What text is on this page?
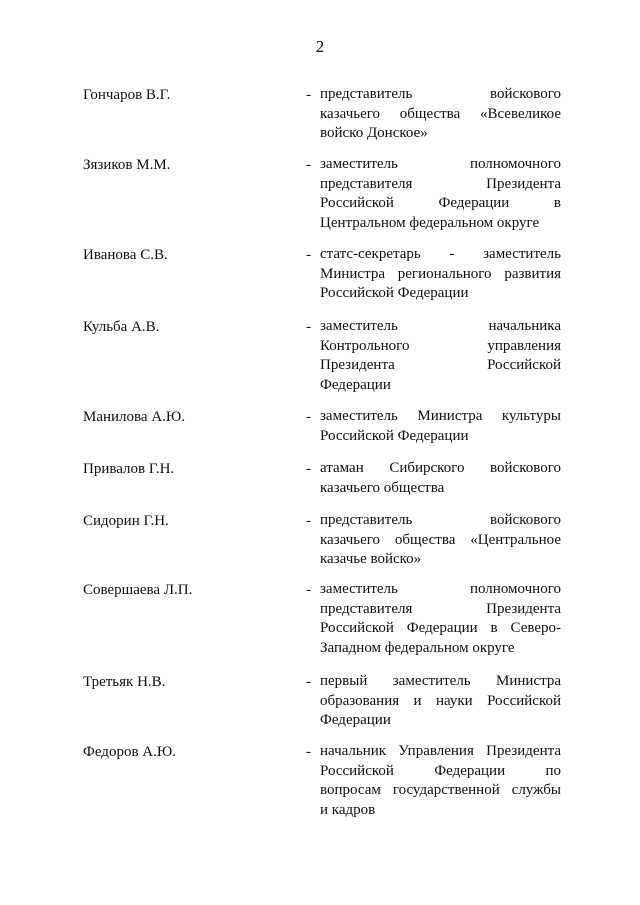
2
Гончаров В.Г.	- представитель войскового
казачьего общества «Всевеликое
войско Донское»
Зязиков М.М.	- заместитель полномочного
представителя Президента
Российской Федерации в
Центральном федеральном округе
Иванова С.В.	- статс-секретарь - заместитель
Министра регионального развития
Российской Федерации
Кульба А.В.	- заместитель начальника
Контрольного управления
Президента Российской
Федерации
Манилова А.Ю.	- заместитель Министра культуры
Российской Федерации
Привалов Г.Н.	- атаман Сибирского войскового
казачьего общества
Сидорин Г.Н.	- представитель войскового
казачьего общества «Центральное
казачье войско»
Совершаева Л.П.	- заместитель полномочного
представителя Президента
Российской Федерации в Северо-
Западном федеральном округе
Третьяк Н.В.	- первый заместитель Министра
образования и науки Российской
Федерации
Федоров А.Ю.	- начальник Управления Президента
Российской Федерации по
вопросам государственной службы
и кадров
